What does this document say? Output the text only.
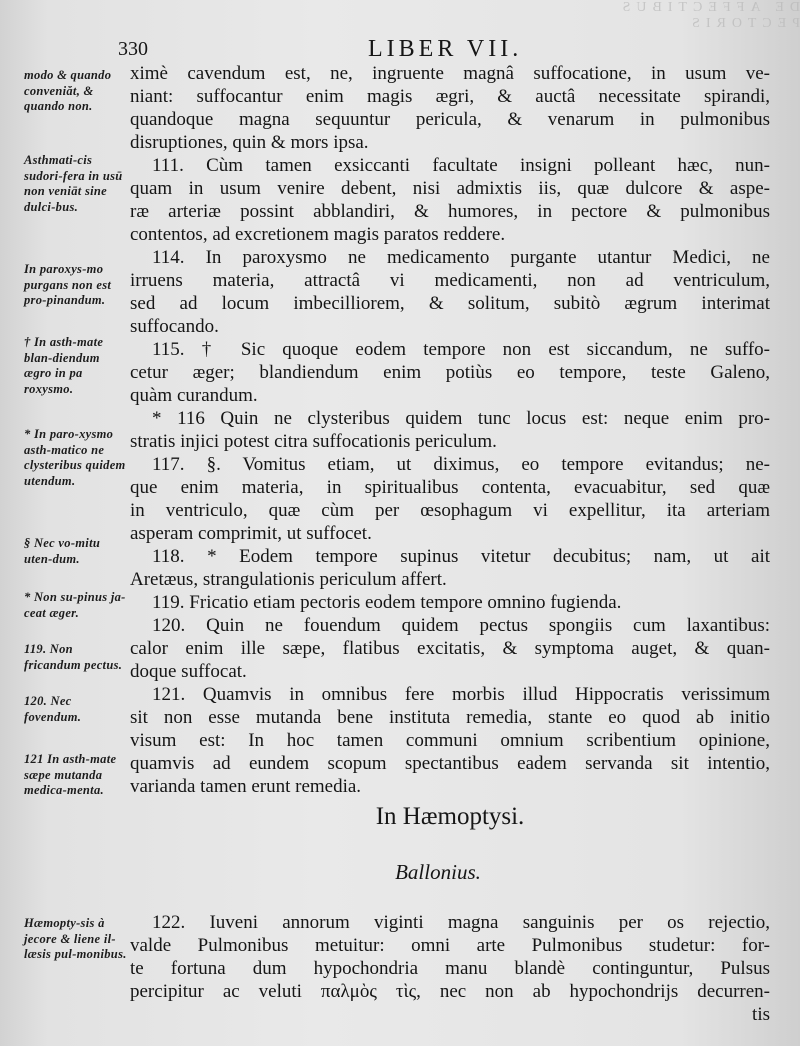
DE AFFECTIBUS PECTORIS
330	LIBER VII.
modo & quando conveniăt, & quando non.
Asthmati-cis sudori-fera in usū non veniāt sine dulci-bus.
In paroxys-mo purgans non est pro-pinandum.
† In asth-mate blan-diendum ægro in pa roxysmo.
* In paro-xysmo asth-matico ne clysteribus quidem utendum.
§ Nec vo-mitu uten-dum.
* Non su-pinus ja-ceat æger.
119. Non fricandum pectus.
120. Nec fovendum.
121 In asth-mate sæpe mutanda medica-menta.
Hæmopty-sis à jecore & liene il-læsis pul-monibus.
ximè cavendum est, ne, ingruente magnâ suffocatione, in usum ve-
niant: suffocantur enim magis ægri, & auctâ necessitate spirandi,
quandoque magna sequuntur pericula, & venarum in pulmonibus
disruptiones, quin & mors ipsa.
111. Cùm tamen exsiccanti facultate insigni polleant hæc, nun-
quam in usum venire debent, nisi admixtis iis, quæ dulcore & aspe-
ræ arteriæ possint abblandiri, & humores, in pectore & pulmonibus
contentos, ad excretionem magis paratos reddere.
114. In paroxysmo ne medicamento purgante utantur Medici, ne
irruens materia, attractâ vi medicamenti, non ad ventriculum,
sed ad locum imbecilliorem, & solitum, subitò ægrum interimat
suffocando.
115. † Sic quoque eodem tempore non est siccandum, ne suffo-
cetur æger; blandiendum enim potiùs eo tempore, teste Galeno,
quàm curandum.
* 116 Quin ne clysteribus quidem tunc locus est: neque enim pro-
stratis injici potest citra suffocationis periculum.
117. §. Vomitus etiam, ut diximus, eo tempore evitandus; ne-
que enim materia, in spiritualibus contenta, evacuabitur, sed quæ
in ventriculo, quæ cùm per œsophagum vi expellitur, ita arteriam
asperam comprimit, ut suffocet.
118. * Eodem tempore supinus vitetur decubitus; nam, ut ait
Aretæus, strangulationis periculum affert.
119. Fricatio etiam pectoris eodem tempore omnino fugienda.
120. Quin ne fouendum quidem pectus spongiis cum laxantibus:
calor enim ille sæpe, flatibus excitatis, & symptoma auget, & quan-
doque suffocat.
121. Quamvis in omnibus fere morbis illud Hippocratis verissimum
sit non esse mutanda bene instituta remedia, stante eo quod ab initio
visum est: In hoc tamen communi omnium scribentium opinione,
quamvis ad eundem scopum spectantibus eadem servanda sit intentio,
varianda tamen erunt remedia.
In Hæmoptysi.
Ballonius.
122. Iuveni annorum viginti magna sanguinis per os rejectio,
valde Pulmonibus metuitur: omni arte Pulmonibus studetur: for-
te fortuna dum hypochondria manu blandè continguntur, Pulsus
percipitur ac veluti παλμὸς τὶς, nec non ab hypochondrijs decurren-
tis
